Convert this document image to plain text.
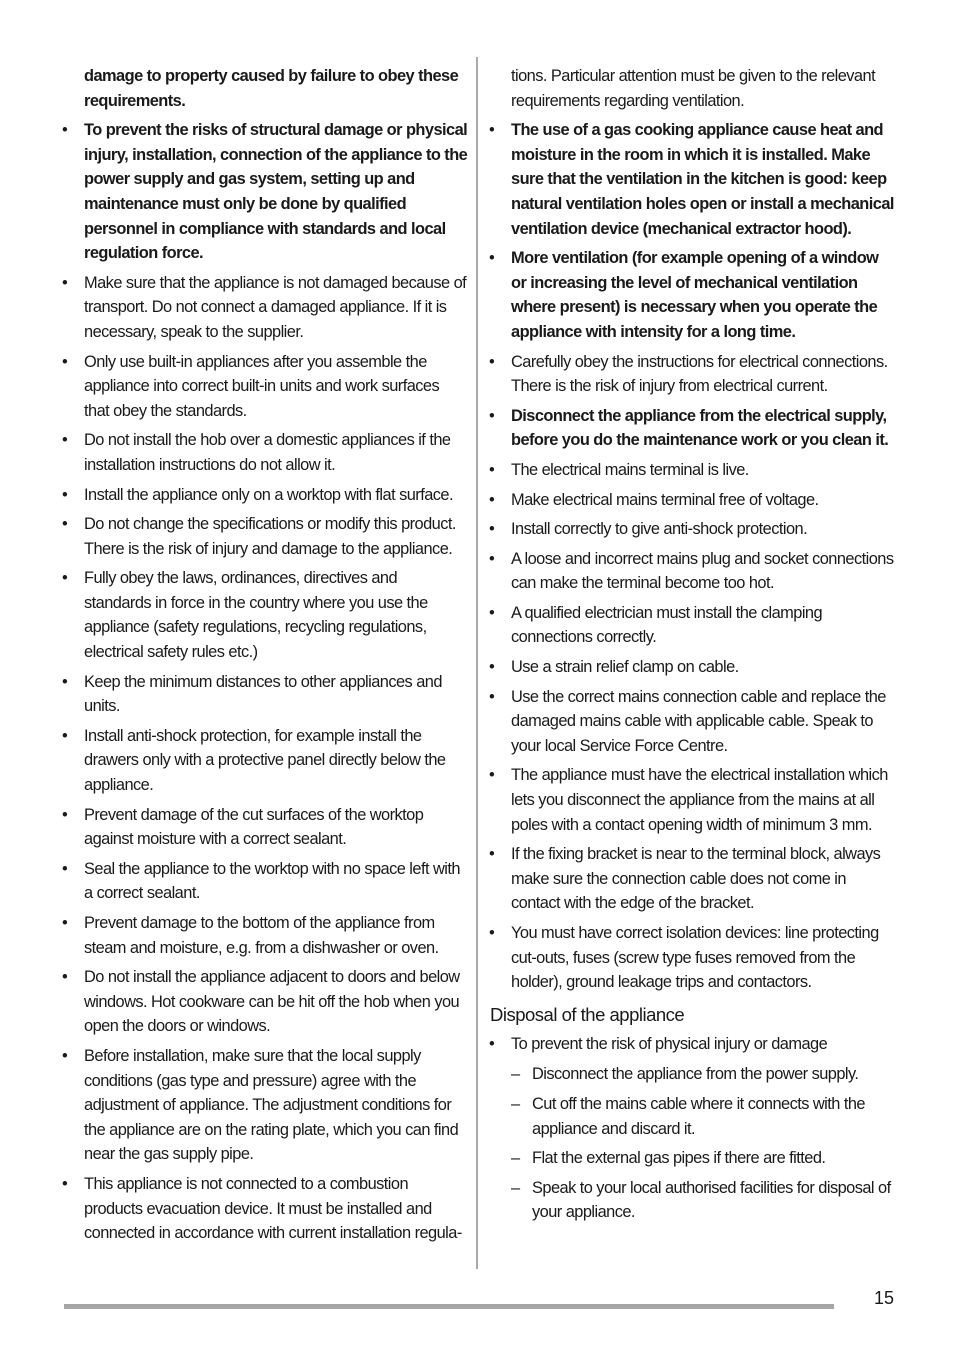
damage to property caused by failure to obey these requirements.

• To prevent the risks of structural damage or physical injury, installation, connection of the appliance to the power supply and gas system, setting up and maintenance must only be done by qualified personnel in compliance with standards and local regulation force.
• Make sure that the appliance is not damaged because of transport. Do not connect a damaged appliance. If it is necessary, speak to the supplier.
• Only use built-in appliances after you assemble the appliance into correct built-in units and work surfaces that obey the standards.
• Do not install the hob over a domestic appliances if the installation instructions do not allow it.
• Install the appliance only on a worktop with flat surface.
• Do not change the specifications or modify this product. There is the risk of injury and damage to the appliance.
• Fully obey the laws, ordinances, directives and standards in force in the country where you use the appliance (safety regulations, recycling regulations, electrical safety rules etc.)
• Keep the minimum distances to other appliances and units.
• Install anti-shock protection, for example install the drawers only with a protective panel directly below the appliance.
• Prevent damage of the cut surfaces of the worktop against moisture with a correct sealant.
• Seal the appliance to the worktop with no space left with a correct sealant.
• Prevent damage to the bottom of the appliance from steam and moisture, e.g. from a dishwasher or oven.
• Do not install the appliance adjacent to doors and below windows. Hot cookware can be hit off the hob when you open the doors or windows.
• Before installation, make sure that the local supply conditions (gas type and pressure) agree with the adjustment of appliance. The adjustment conditions for the appliance are on the rating plate, which you can find near the gas supply pipe.
• This appliance is not connected to a combustion products evacuation device. It must be installed and connected in accordance with current installation regula-

tions. Particular attention must be given to the relevant requirements regarding ventilation.

• The use of a gas cooking appliance cause heat and moisture in the room in which it is installed. Make sure that the ventilation in the kitchen is good: keep natural ventilation holes open or install a mechanical ventilation device (mechanical extractor hood).
• More ventilation (for example opening of a window or increasing the level of mechanical ventilation where present) is necessary when you operate the appliance with intensity for a long time.
• Carefully obey the instructions for electrical connections. There is the risk of injury from electrical current.
• Disconnect the appliance from the electrical supply, before you do the maintenance work or you clean it.
• The electrical mains terminal is live.
• Make electrical mains terminal free of voltage.
• Install correctly to give anti-shock protection.
• A loose and incorrect mains plug and socket connections can make the terminal become too hot.
• A qualified electrician must install the clamping connections correctly.
• Use a strain relief clamp on cable.
• Use the correct mains connection cable and replace the damaged mains cable with applicable cable. Speak to your local Service Force Centre.
• The appliance must have the electrical installation which lets you disconnect the appliance from the mains at all poles with a contact opening width of minimum 3 mm.
• If the fixing bracket is near to the terminal block, always make sure the connection cable does not come in contact with the edge of the bracket.
• You must have correct isolation devices: line protecting cut-outs, fuses (screw type fuses removed from the holder), ground leakage trips and contactors.
Disposal of the appliance
• To prevent the risk of physical injury or damage
– Disconnect the appliance from the power supply.
– Cut off the mains cable where it connects with the appliance and discard it.
– Flat the external gas pipes if there are fitted.
– Speak to your local authorised facilities for disposal of your appliance.
15
